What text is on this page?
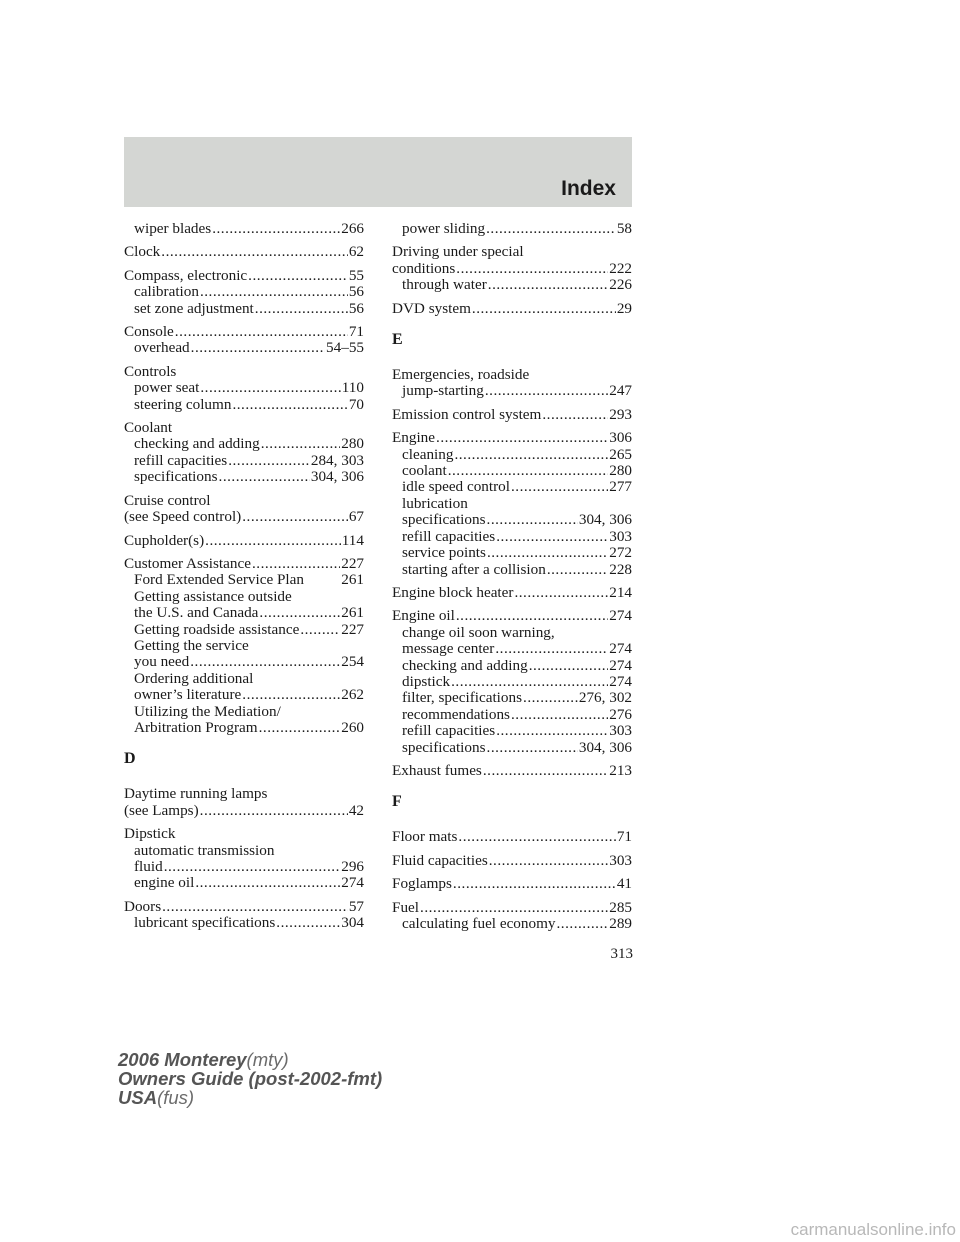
Index
wiper blades .....	266
Clock .....	62
Compass, electronic .....	55
calibration .....	56
set zone adjustment .....	56
Console .....	71
overhead .....	54–55
Controls
power seat .....	110
steering column .....	70
Coolant
checking and adding .....	280
refill capacities .....	284, 303
specifications .....	304, 306
Cruise control
(see Speed control) .....	67
Cupholder(s) .....	114
Customer Assistance .....	227
Ford Extended Service Plan 261
Getting assistance outside
the U.S. and Canada .....	261
Getting roadside assistance .....	227
Getting the service
you need .....	254
Ordering additional
owner’s literature .....	262
Utilizing the Mediation/
Arbitration Program .....	260
D
Daytime running lamps
(see Lamps) .....	42
Dipstick
automatic transmission
fluid .....	296
engine oil .....	274
Doors .....	57
lubricant specifications .....	304
power sliding .....	58
Driving under special
conditions .....	222
through water .....	226
DVD system .....	29
E
Emergencies, roadside
jump-starting .....	247
Emission control system .....	293
Engine .....	306
cleaning .....	265
coolant .....	280
idle speed control .....	277
lubrication
specifications .....	304, 306
refill capacities .....	303
service points .....	272
starting after a collision .....	228
Engine block heater .....	214
Engine oil .....	274
change oil soon warning,
message center .....	274
checking and adding .....	274
dipstick .....	274
filter, specifications .....	276, 302
recommendations .....	276
refill capacities .....	303
specifications .....	304, 306
Exhaust fumes .....	213
F
Floor mats .....	71
Fluid capacities .....	303
Foglamps .....	41
Fuel .....	285
calculating fuel economy .....	289
313
2006 Monterey(mty)
Owners Guide (post-2002-fmt)
USA(fus)
carmanualsonline.info
